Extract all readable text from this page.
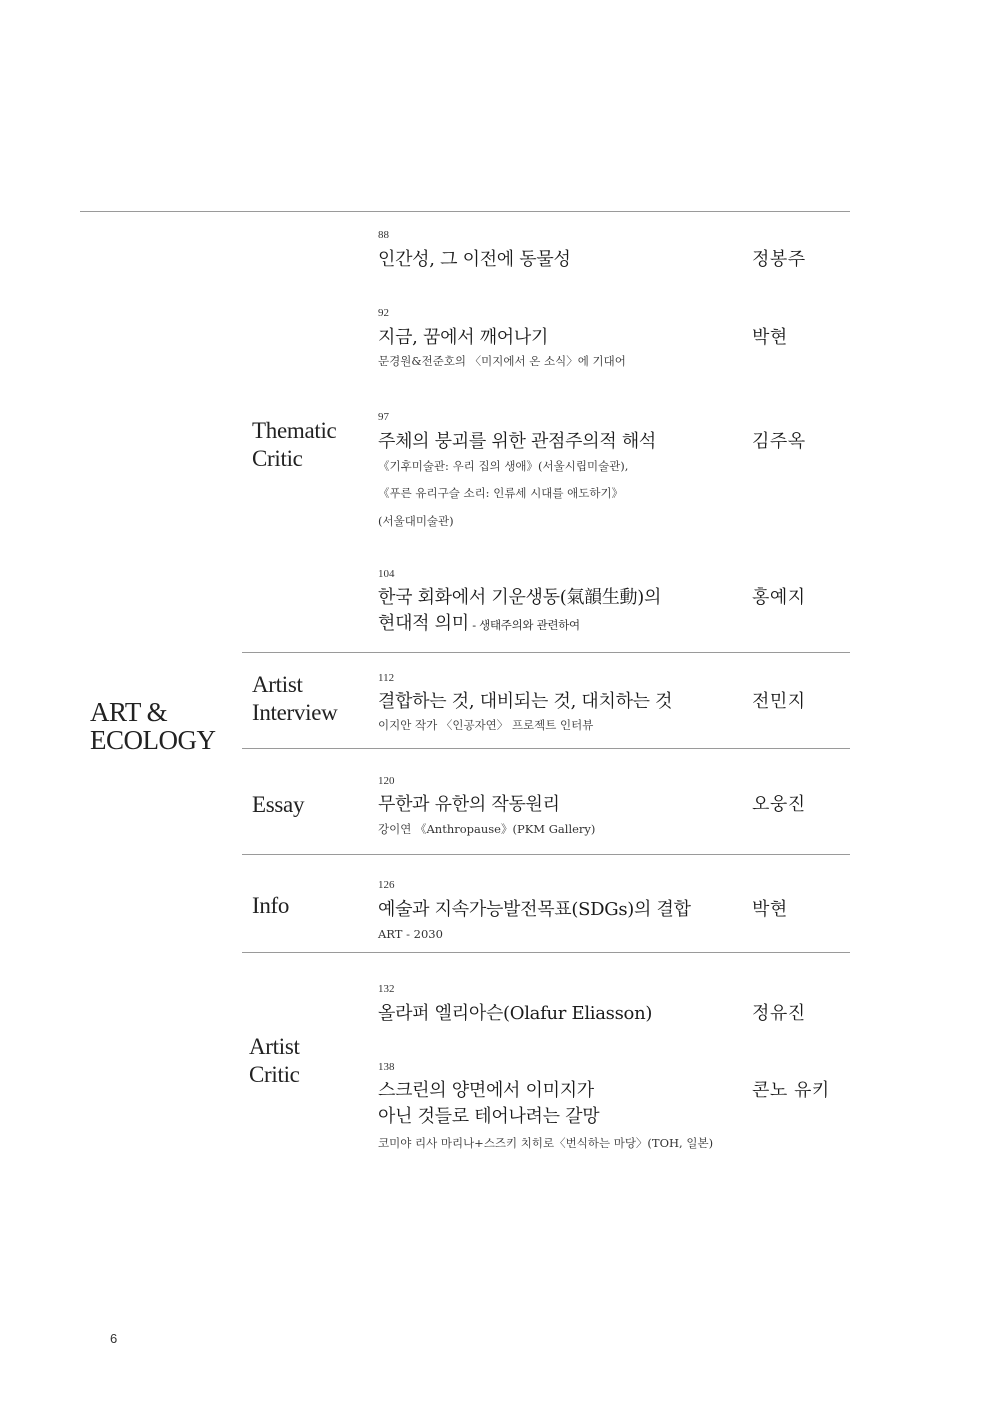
ART &
ECOLOGY
Thematic
Critic
Artist
Interview
Essay
Info
Artist
Critic
88
인간성, 그 이전에 동물성	정봉주
92
지금, 꿈에서 깨어나기
문경원&전준호의 〈미지에서 온 소식〉에 기대어
박현
97
주체의 붕괴를 위한 관점주의적 해석
《기후미술관: 우리 집의 생애》(서울시립미술관),
《푸른 유리구슬 소리: 인류세 시대를 애도하기》
(서울대미술관)
김주옥
104
한국 회화에서 기운생동(氣韻生動)의
현대적 의미 - 생태주의와 관련하여
홍예지
112
결합하는 것, 대비되는 것, 대치하는 것
이지안 작가 〈인공자연〉 프로젝트 인터뷰
전민지
120
무한과 유한의 작동원리
강이연 《Anthropause》(PKM Gallery)
오웅진
126
예술과 지속가능발전목표(SDGs)의 결합
ART - 2030
박현
132
올라퍼 엘리아슨(Olafur Eliasson)	정유진
138
스크린의 양면에서 이미지가
아닌 것들로 테어나려는 갈망
코미야 리사 마리나+스즈키 치히로〈번식하는 마당〉(TOH, 일본)
콘노 유키
6
